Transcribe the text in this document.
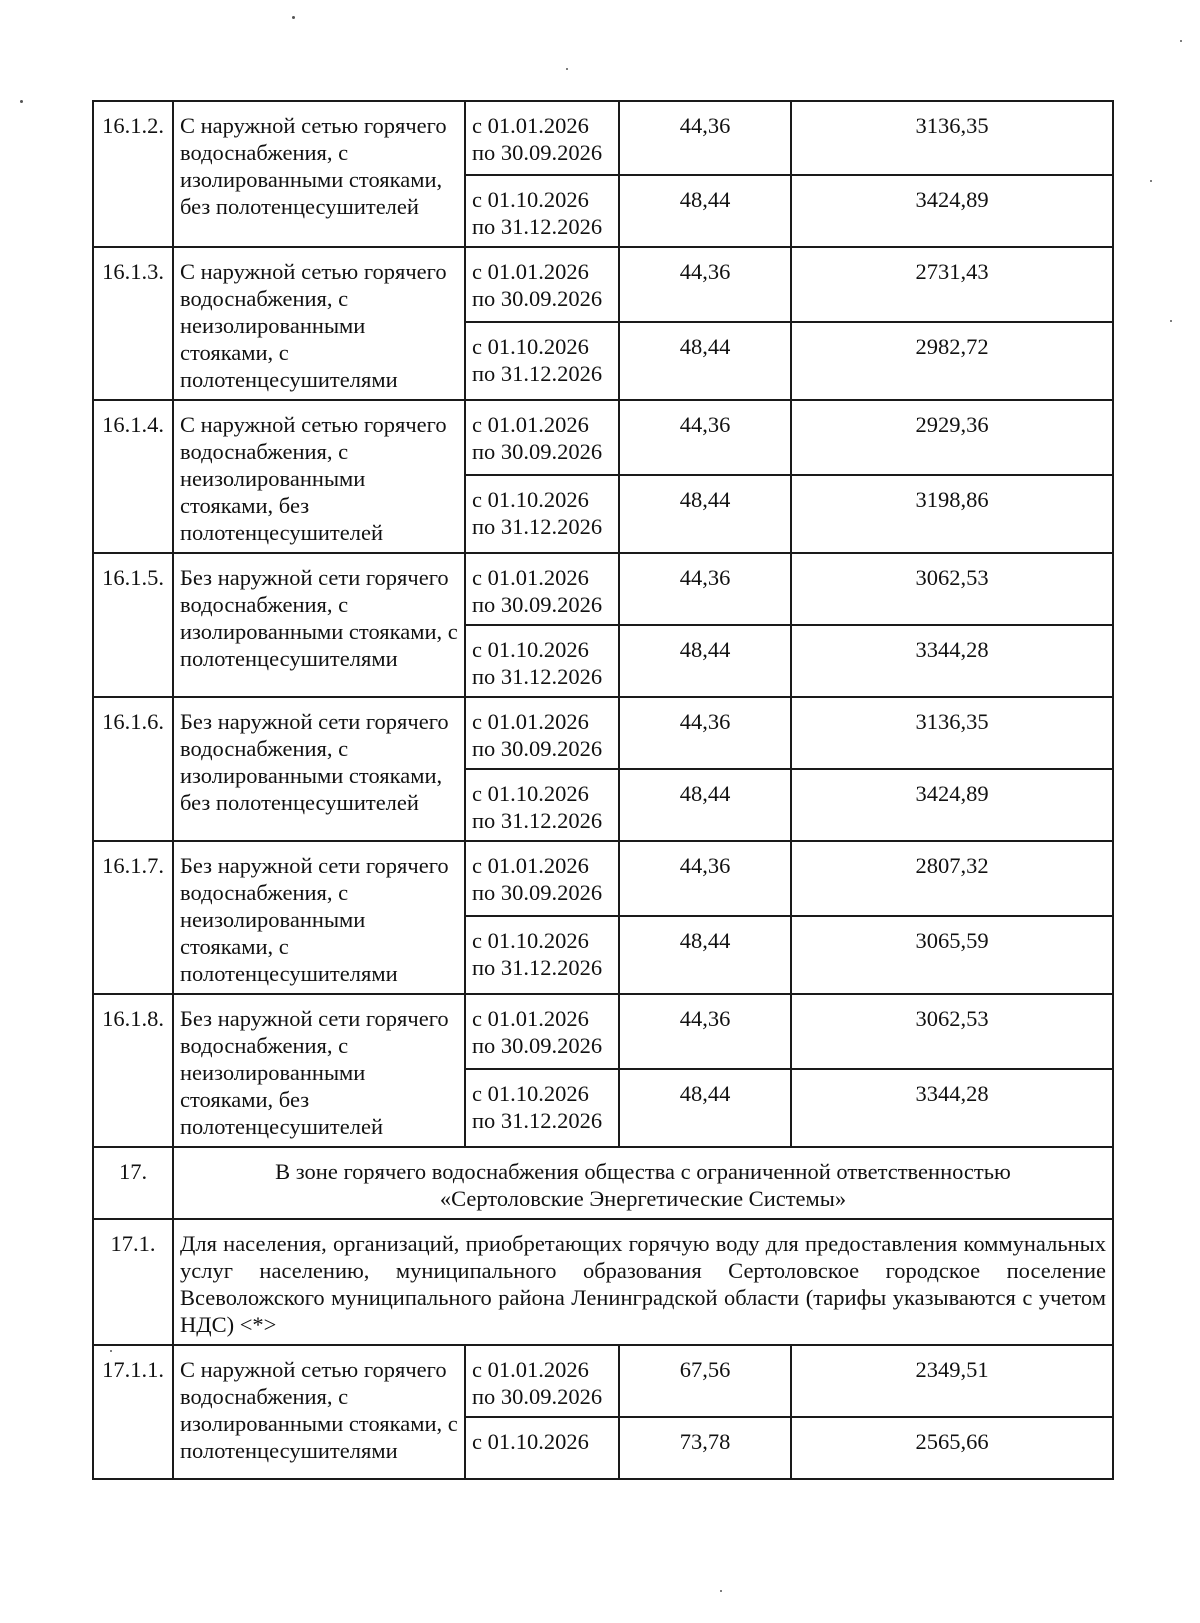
16.1.2.	С наружной сетью горячего водоснабжения, с изолированными стояками, без полотенцесушителей	с 01.01.2026
по 30.09.2026	44,36	3136,35

		с 01.10.2026
по 31.12.2026	48,44	3424,89
16.1.3.	С наружной сетью горячего водоснабжения, с неизолированными стояками, с полотенцесушителями	с 01.01.2026
по 30.09.2026	44,36	2731,43

		с 01.10.2026
по 31.12.2026	48,44	2982,72
16.1.4.	С наружной сетью горячего водоснабжения, с неизолированными стояками, без полотенцесушителей	с 01.01.2026
по 30.09.2026	44,36	2929,36

		с 01.10.2026
по 31.12.2026	48,44	3198,86
16.1.5.	Без наружной сети горячего водоснабжения, с изолированными стояками, с полотенцесушителями	с 01.01.2026
по 30.09.2026	44,36	3062,53

		с 01.10.2026
по 31.12.2026	48,44	3344,28
16.1.6.	Без наружной сети горячего водоснабжения, с изолированными стояками, без полотенцесушителей	с 01.01.2026
по 30.09.2026	44,36	3136,35

		с 01.10.2026
по 31.12.2026	48,44	3424,89
16.1.7.	Без наружной сети горячего водоснабжения, с неизолированными стояками, с полотенцесушителями	с 01.01.2026
по 30.09.2026	44,36	2807,32

		с 01.10.2026
по 31.12.2026	48,44	3065,59
16.1.8.	Без наружной сети горячего водоснабжения, с неизолированными стояками, без полотенцесушителей	с 01.01.2026
по 30.09.2026	44,36	3062,53

		с 01.10.2026
по 31.12.2026	48,44	3344,28
17.	В зоне горячего водоснабжения общества с ограниченной ответственностью
«Сертоловские Энергетические Системы»			

17.1.	Для населения, организаций, приобретающих горячую воду для предоставления коммунальных услуг населению, муниципального образования Сертоловское городское поселение Всеволожского муниципального района Ленинградской области (тарифы указываются с учетом НДС) <*>			
17.1.1.	С наружной сетью горячего водоснабжения, с изолированными стояками, с полотенцесушителями	с 01.01.2026
по 30.09.2026	67,56	2349,51

		с 01.10.2026	73,78	2565,66
